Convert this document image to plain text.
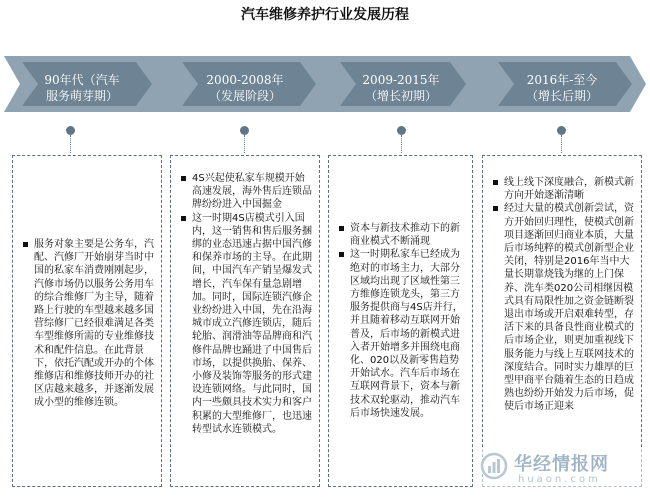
汽车维修养护行业发展历程
90年代（汽车
服务萌芽期）
2000-2008年
（发展阶段）
2009-2015年
（增长初期）
2016年-至今
（增长后期）
服务对象主要是公务车，汽配、汽修厂开始崩芽当时中国的私家车消费刚刚起步，汽修市场仍以服务公务用车的综合维修厂为主导，随着路上行驶的车型越来越多国营综修厂已经很难满足各类车型维修所需的专业维修技术和配件信息。在此背景下，依托汽配或开办的个体维修店和维修技师开办的社区店越来越多，并逐渐发展成小型的维修连锁。
4S兴起使私家车规模开始高速发展，海外售后连锁品牌纷纷进入中国掘金
这一时期4S店模式引入国内，这一销售和售后服务捆绑的业态迅速占据中国汽修和保养市场的主导。在此期间，中国汽车产销呈爆发式增长，汽车保有量急剧增加。同时，国际连锁汽修企业纷纷进入中国，先在沿海城市成立汽修连锁店，随后轮胎、润滑油等品牌商和汽修件品牌也踊进了中国售后市场，以提供换胎、保养、小修及装饰等服务的形式建设连锁网络。与此同时，国内一些颇具技术实力和客户积累的大型维修厂，也迅速转型试水连锁模式。
资本与新技术推动下的新商业模式不断涌现
这一时期私家车已经成为绝对的市场主力，大部分区域均出现了区域性第三方维修连锁龙头，第三方服务提供商与4S店并行，并且随着移动互联网开始普及，后市场的新模式进入者开始增多并围绕电商化、020以及新零售趋势开始试水。汽车后市场在互联网背景下，资本与新技术双轮驱动，推动汽车后市场快速发展。
线上线下深度融合，新模式新方向开始逐渐清晰
经过大量的模式创新尝试，资方开始回归理性，使模式创新项目逐渐回归商业本质，大量后市场纯粹的模式创新型企业关闭，特别是2016年当中大量长期靠烧钱为继的上门保养、洗车类020公司相继因模式具有局限性加之资金链断裂退出市场或开启艰难转型，存活下来的具备良性商业模式的后市场企业，则更加重视线下服务能力与线上互联网技术的深度结合。同时实力雄厚的巨型甲商平台随着生态的日趋成熟也纷纷开始发力后市场，促使后市场正迎来
华经情报网
huaon.com
